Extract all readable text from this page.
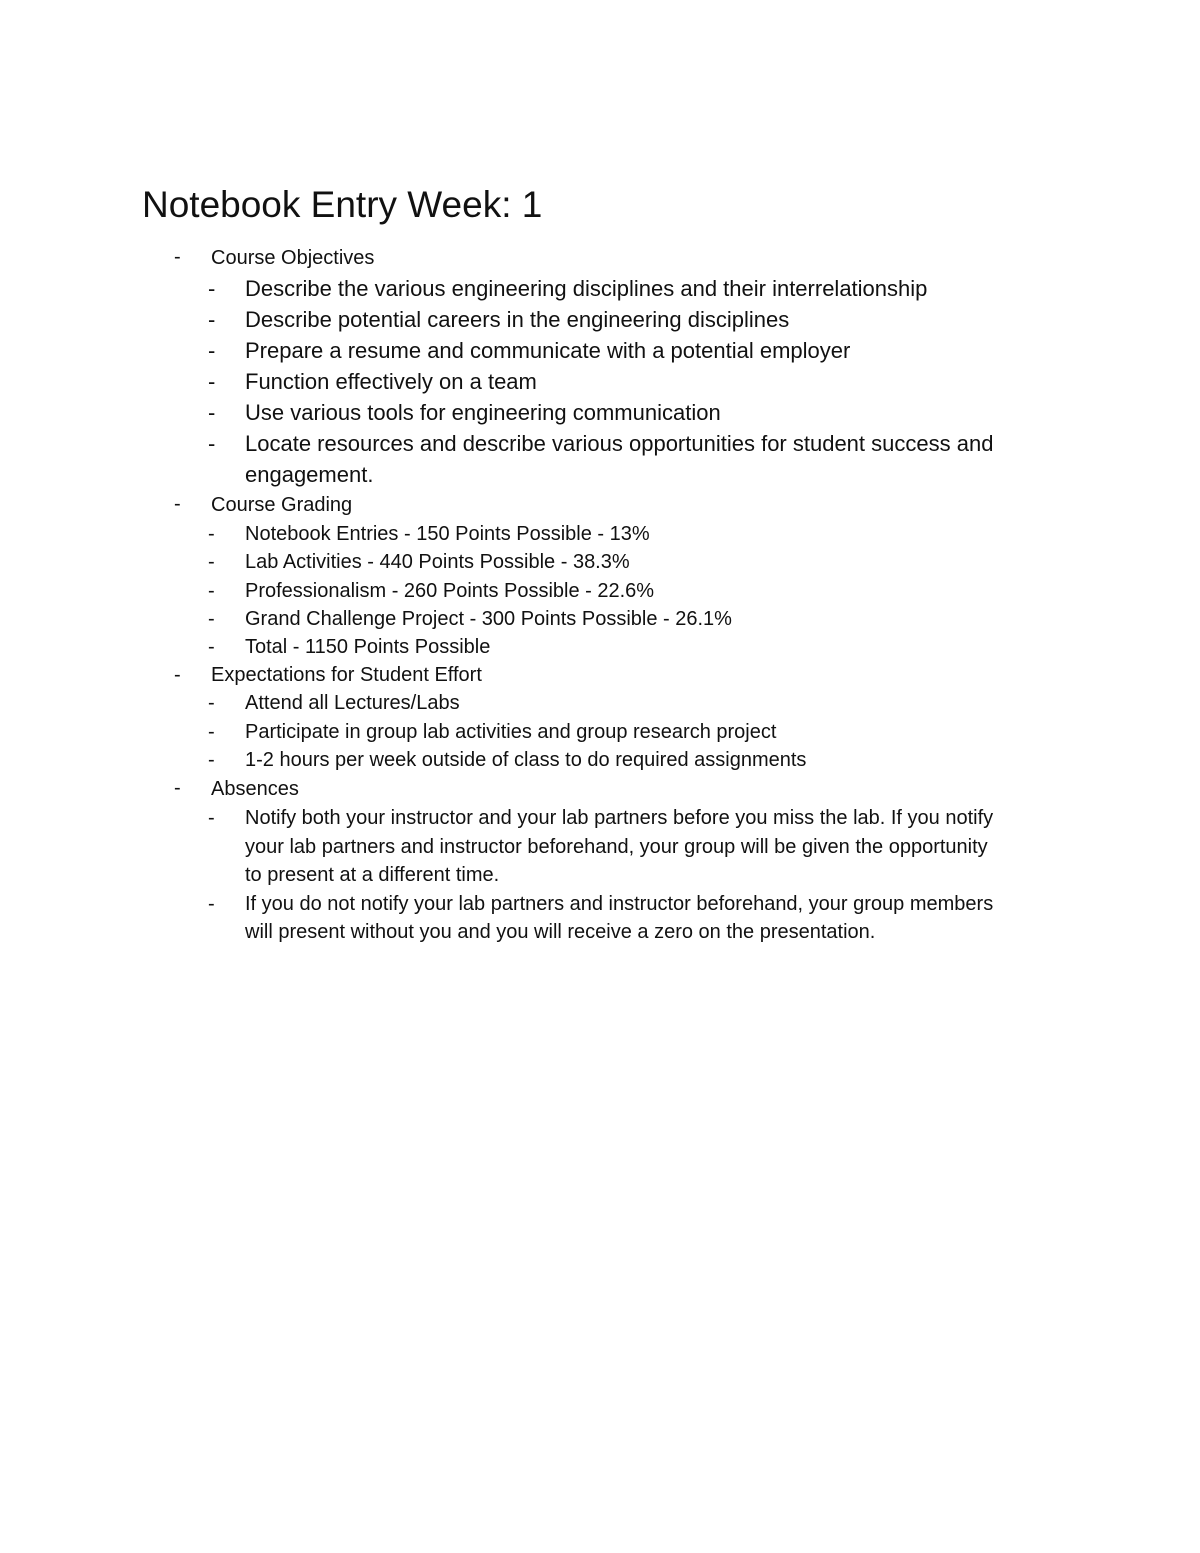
Notebook Entry Week: 1
- Course Objectives
- Describe the various engineering disciplines and their interrelationship
- Describe potential careers in the engineering disciplines
- Prepare a resume and communicate with a potential employer
- Function effectively on a team
- Use various tools for engineering communication
- Locate resources and describe various opportunities for student success and engagement.
- Course Grading
- Notebook Entries - 150 Points Possible - 13%
- Lab Activities - 440 Points Possible - 38.3%
- Professionalism - 260 Points Possible - 22.6%
- Grand Challenge Project - 300 Points Possible - 26.1%
- Total - 1150 Points Possible
- Expectations for Student Effort
- Attend all Lectures/Labs
- Participate in group lab activities and group research project
- 1-2 hours per week outside of class to do required assignments
- Absences
- Notify both your instructor and your lab partners before you miss the lab. If you notify your lab partners and instructor beforehand, your group will be given the opportunity to present at a different time.
- If you do not notify your lab partners and instructor beforehand, your group members will present without you and you will receive a zero on the presentation.
